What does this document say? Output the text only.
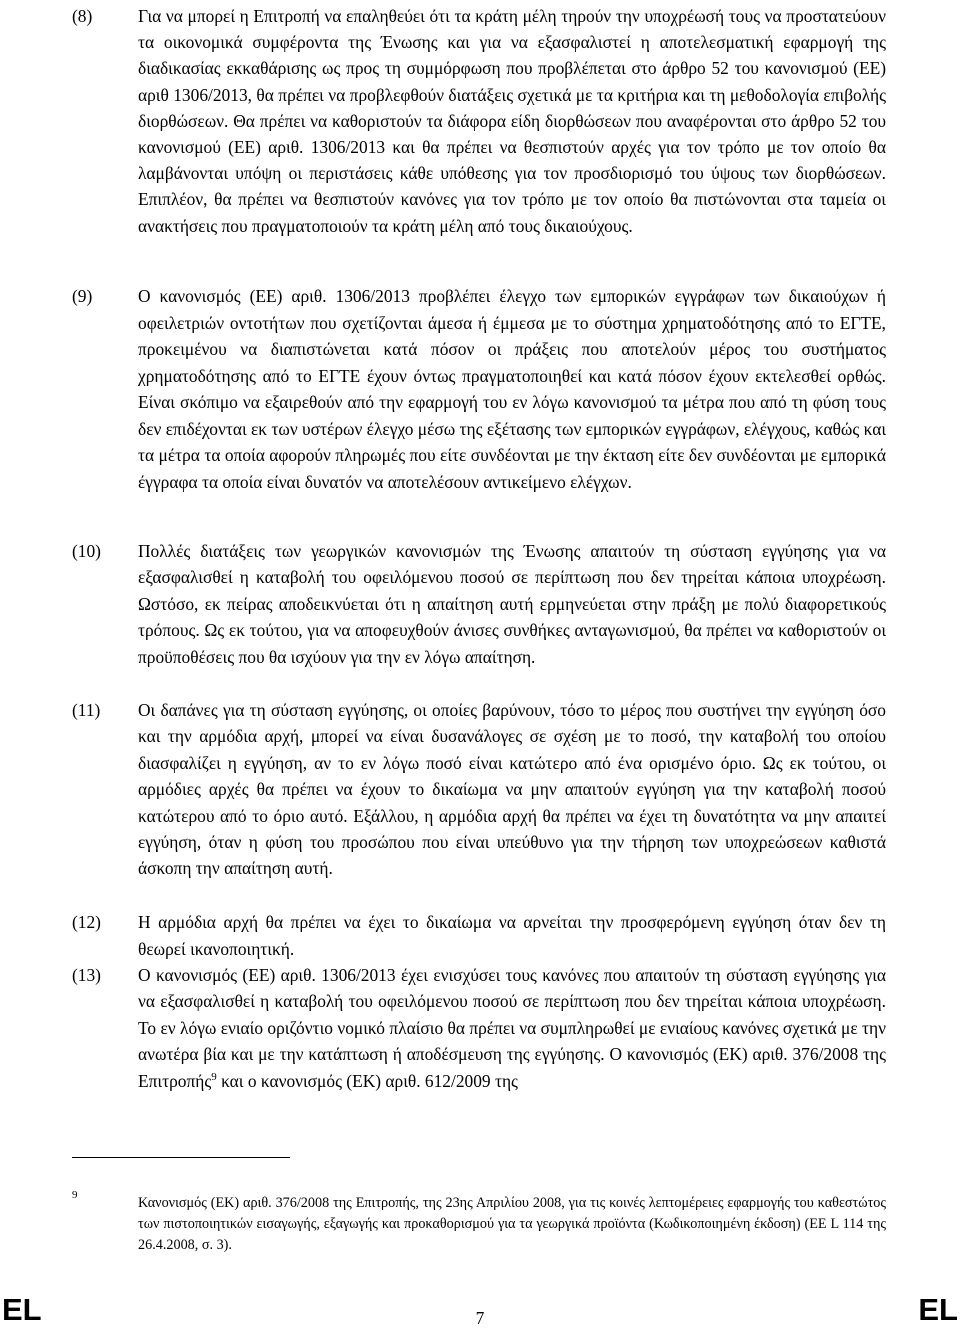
(8)	Για να μπορεί η Επιτροπή να επαληθεύει ότι τα κράτη μέλη τηρούν την υποχρέωσή τους να προστατεύουν τα οικονομικά συμφέροντα της Ένωσης και για να εξασφαλιστεί η αποτελεσματική εφαρμογή της διαδικασίας εκκαθάρισης ως προς τη συμμόρφωση που προβλέπεται στο άρθρο 52 του κανονισμού (ΕΕ) αριθ 1306/2013, θα πρέπει να προβλεφθούν διατάξεις σχετικά με τα κριτήρια και τη μεθοδολογία επιβολής διορθώσεων. Θα πρέπει να καθοριστούν τα διάφορα είδη διορθώσεων που αναφέρονται στο άρθρο 52 του κανονισμού (ΕΕ) αριθ. 1306/2013 και θα πρέπει να θεσπιστούν αρχές για τον τρόπο με τον οποίο θα λαμβάνονται υπόψη οι περιστάσεις κάθε υπόθεσης για τον προσδιορισμό του ύψους των διορθώσεων. Επιπλέον, θα πρέπει να θεσπιστούν κανόνες για τον τρόπο με τον οποίο θα πιστώνονται στα ταμεία οι ανακτήσεις που πραγματοποιούν τα κράτη μέλη από τους δικαιούχους.

(9)	Ο κανονισμός (ΕΕ) αριθ. 1306/2013 προβλέπει έλεγχο των εμπορικών εγγράφων των δικαιούχων ή οφειλετριών οντοτήτων που σχετίζονται άμεσα ή έμμεσα με το σύστημα χρηματοδότησης από το ΕΓΤΕ, προκειμένου να διαπιστώνεται κατά πόσον οι πράξεις που αποτελούν μέρος του συστήματος χρηματοδότησης από το ΕΓΤΕ έχουν όντως πραγματοποιηθεί και κατά πόσον έχουν εκτελεσθεί ορθώς. Είναι σκόπιμο να εξαιρεθούν από την εφαρμογή του εν λόγω κανονισμού τα μέτρα που από τη φύση τους δεν επιδέχονται εκ των υστέρων έλεγχο μέσω της εξέτασης των εμπορικών εγγράφων, ελέγχους, καθώς και τα μέτρα τα οποία αφορούν πληρωμές που είτε συνδέονται με την έκταση είτε δεν συνδέονται με εμπορικά έγγραφα τα οποία είναι δυνατόν να αποτελέσουν αντικείμενο ελέγχων.

(10) Πολλές διατάξεις των γεωργικών κανονισμών της Ένωσης απαιτούν τη σύσταση εγγύησης για να εξασφαλισθεί η καταβολή του οφειλόμενου ποσού σε περίπτωση που δεν τηρείται κάποια υποχρέωση. Ωστόσο, εκ πείρας αποδεικνύεται ότι η απαίτηση αυτή ερμηνεύεται στην πράξη με πολύ διαφορετικούς τρόπους. Ως εκ τούτου, για να αποφευχθούν άνισες συνθήκες ανταγωνισμού, θα πρέπει να καθοριστούν οι προϋποθέσεις που θα ισχύουν για την εν λόγω απαίτηση.

(11) Οι δαπάνες για τη σύσταση εγγύησης, οι οποίες βαρύνουν, τόσο το μέρος που συστήνει την εγγύηση όσο και την αρμόδια αρχή, μπορεί να είναι δυσανάλογες σε σχέση με το ποσό, την καταβολή του οποίου διασφαλίζει η εγγύηση, αν το εν λόγω ποσό είναι κατώτερο από ένα ορισμένο όριο. Ως εκ τούτου, οι αρμόδιες αρχές θα πρέπει να έχουν το δικαίωμα να μην απαιτούν εγγύηση για την καταβολή ποσού κατώτερου από το όριο αυτό. Εξάλλου, η αρμόδια αρχή θα πρέπει να έχει τη δυνατότητα να μην απαιτεί εγγύηση, όταν η φύση του προσώπου που είναι υπεύθυνο για την τήρηση των υποχρεώσεων καθιστά άσκοπη την απαίτηση αυτή.

(12) Η αρμόδια αρχή θα πρέπει να έχει το δικαίωμα να αρνείται την προσφερόμενη εγγύηση όταν δεν τη θεωρεί ικανοποιητική.

(13) Ο κανονισμός (ΕΕ) αριθ. 1306/2013 έχει ενισχύσει τους κανόνες που απαιτούν τη σύσταση εγγύησης για να εξασφαλισθεί η καταβολή του οφειλόμενου ποσού σε περίπτωση που δεν τηρείται κάποια υποχρέωση. Το εν λόγω ενιαίο οριζόντιο νομικό πλαίσιο θα πρέπει να συμπληρωθεί με ενιαίους κανόνες σχετικά με την ανωτέρα βία και με την κατάπτωση ή αποδέσμευση της εγγύησης. Ο κανονισμός (ΕΚ) αριθ. 376/2008 της Επιτροπής$^9$ και ο κανονισμός (ΕΚ) αριθ. 612/2009 της

9	Κανονισμός (ΕΚ) αριθ. 376/2008 της Επιτροπής, της 23ης Απριλίου 2008, για τις κοινές λεπτομέρειες εφαρμογής του καθεστώτος των πιστοποιητικών εισαγωγής, εξαγωγής και προκαθορισμού για τα γεωργικά προϊόντα (Κωδικοποιημένη έκδοση) (ΕΕ L 114 της 26.4.2008, σ. 3).

EL	7	EL
